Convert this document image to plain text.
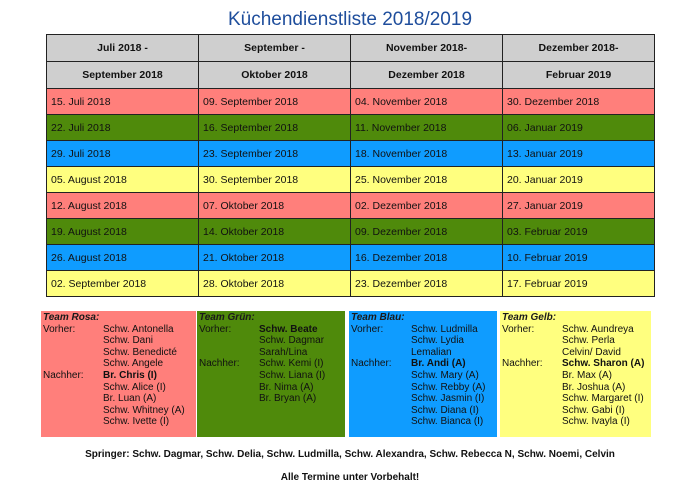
Küchendienstliste 2018/2019
Juli 2018 -	September -	November 2018-	Dezember 2018-
September 2018	Oktober 2018	Dezember 2018	Februar 2019
15. Juli 2018	09. September 2018	04. November 2018	30. Dezember 2018
22. Juli 2018	16. September 2018	11. November 2018	06. Januar 2019
29. Juli 2018	23. September 2018	18. November 2018	13. Januar 2019
05. August 2018	30. September 2018	25. November 2018	20. Januar 2019
12. August 2018	07. Oktober 2018	02. Dezember 2018	27. Januar 2019
19. August 2018	14. Oktober 2018	09. Dezember 2018	03. Februar 2019
26. August 2018	21. Oktober 2018	16. Dezember 2018	10. Februar 2019
02. September 2018	28. Oktober 2018	23. Dezember 2018	17. Februar 2019
Team Rosa:
Vorher:	Schw. Antonella
Schw. Dani
Schw. Benedicté
Schw. Angele
Nachher: Br. Chris (I)
Schw. Alice (I)
Br. Luan (A)
Schw. Whitney (A)
Schw. Ivette (I)
Team Grün:
Vorher:	Schw. Beate
Schw. Dagmar
Sarah/Lina
Nachher: Schw. Kemi (I)
Schw. Liana (I)
Br. Nima (A)
Br. Bryan (A)
Team Blau:
Vorher:	Schw. Ludmilla
Schw. Lydia
Lemalian
Nachher: Br. Andi (A)
Schw. Mary (A)
Schw. Rebby (A)
Schw. Jasmin (I)
Schw. Diana (I)
Schw. Bianca (I)
Team Gelb:
Vorher:	Schw. Aundreya
Schw. Perla
Celvin/ David
Nachher: Schw. Sharon (A)
Br. Max (A)
Br. Joshua (A)
Schw. Margaret (I)
Schw. Gabi (I)
Schw. Ivayla (I)
Springer: Schw. Dagmar, Schw. Delia, Schw. Ludmilla, Schw. Alexandra, Schw. Rebecca N, Schw. Noemi, Celvin
Alle Termine unter Vorbehalt!
